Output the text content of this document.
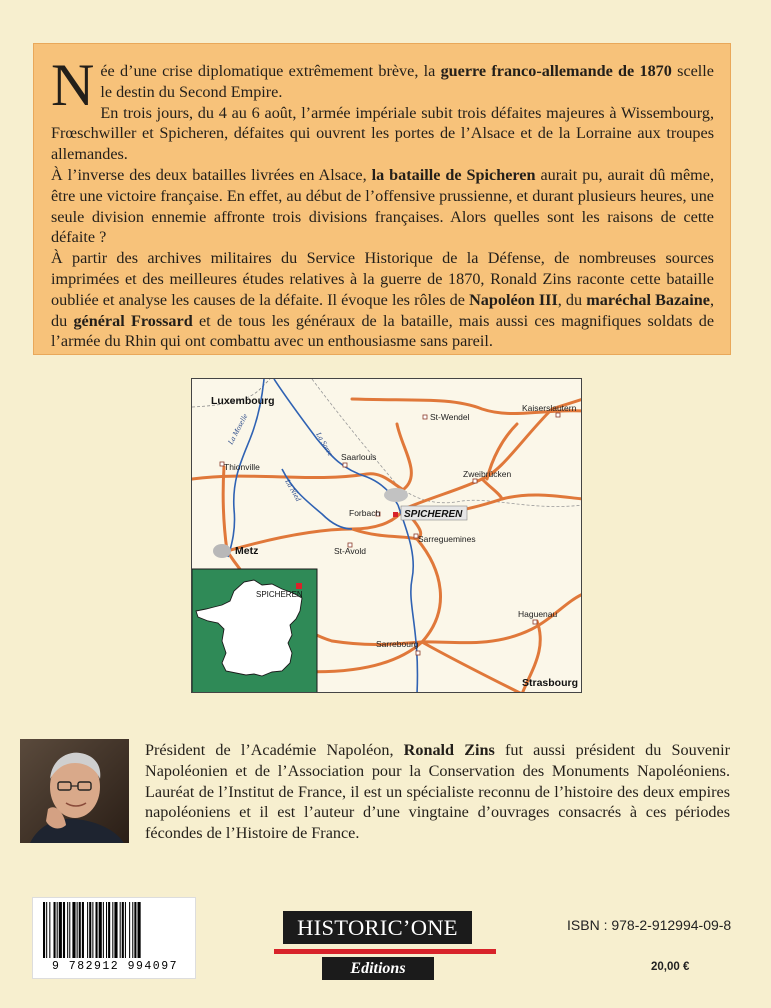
Née d’une crise diplomatique extrêmement brève, la guerre franco-allemande de 1870 scelle le destin du Second Empire.

En trois jours, du 4 au 6 août, l’armée impériale subit trois défaites majeures à Wissembourg, Frœschwiller et Spicheren, défaites qui ouvrent les portes de l’Alsace et de la Lorraine aux troupes allemandes.

À l’inverse des deux batailles livrées en Alsace, la bataille de Spicheren aurait pu, aurait dû même, être une victoire française. En effet, au début de l’offensive prussienne, et durant plusieurs heures, une seule division ennemie affronte trois divisions françaises. Alors quelles sont les raisons de cette défaite ?

À partir des archives militaires du Service Historique de la Défense, de nombreuses sources imprimées et des meilleures études relatives à la guerre de 1870, Ronald Zins raconte cette bataille oubliée et analyse les causes de la défaite. Il évoque les rôles de Napoléon III, du maréchal Bazaine, du général Frossard et de tous les généraux de la bataille, mais aussi ces magnifiques soldats de l’armée du Rhin qui ont combattu avec un enthousiasme sans pareil.

Luxembourg
St-Wendel
Kaiserslautern
Thionville
Saarlouis
Zweibrücken
Forbach SPICHEREN
Metz	St-Avold
Sarreguemines
Haguenau
Sarrebourg
Strasbourg
La Moselle	La Sarre
La Nied
SPICHEREN

Président de l’Académie Napoléon, Ronald Zins fut aussi président du Souvenir Napoléonien et de l’Association pour la Conservation des Monuments Napoléoniens. Lauréat de l’Institut de France, il est un spécialiste reconnu de l’histoire des deux empires napoléoniens et il est l’auteur d’une vingtaine d’ouvrages consacrés à ces périodes fécondes de l’Histoire de France.

9 782912 994097
HISTORIC’ONE
Editions
ISBN : 978-2-912994-09-8
20,00 €
